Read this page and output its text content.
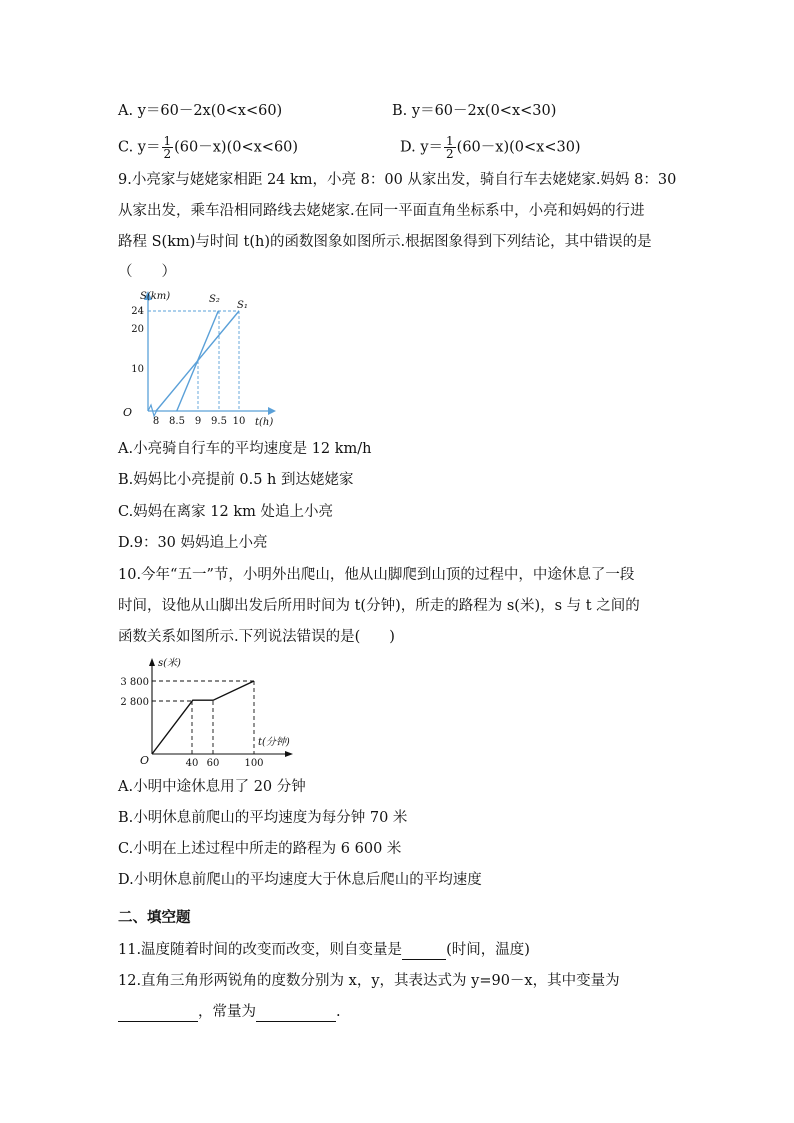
A. y＝60－2x(0<x<60)	B. y＝60－2x(0<x<30)
C. $y= \frac{1}{2} (60-x)(0<x<60)$	D. $y= \frac{1}{2} (60-x)(0<x<30)$
9.小亮家与姥姥家相距 24 km，小亮 8：00 从家出发，骑自行车去姥姥家.妈妈 8：30
从家出发，乘车沿相同路线去姥姥家.在同一平面直角坐标系中，小亮和妈妈的行进
路程 S(km)与时间 t(h)的函数图象如图所示.根据图象得到下列结论，其中错误的是
（　　）
S(km)
t(h)
O
24
20
10
8 8.5 9 9.5 10
S₂
S₁
A.小亮骑自行车的平均速度是 12 km/h
B.妈妈比小亮提前 0.5 h 到达姥姥家
C.妈妈在离家 12 km 处追上小亮
D.9：30 妈妈追上小亮
10.今年“五一”节，小明外出爬山，他从山脚爬到山顶的过程中，中途休息了一段
时间，设他从山脚出发后所用时间为 t(分钟)，所走的路程为 s(米)，s 与 t 之间的
函数关系如图所示.下列说法错误的是(　　)
s(米)
t(分钟)
O
3 800
2 800
40 60	100
A.小明中途休息用了 20 分钟
B.小明休息前爬山的平均速度为每分钟 70 米
C.小明在上述过程中所走的路程为 6 600 米
D.小明休息前爬山的平均速度大于休息后爬山的平均速度
二、填空题
11.温度随着时间的改变而改变，则自变量是	(时间，温度)
12.直角三角形两锐角的度数分别为 x，y，其表达式为 y=90－x，其中变量为
，常量为	.
